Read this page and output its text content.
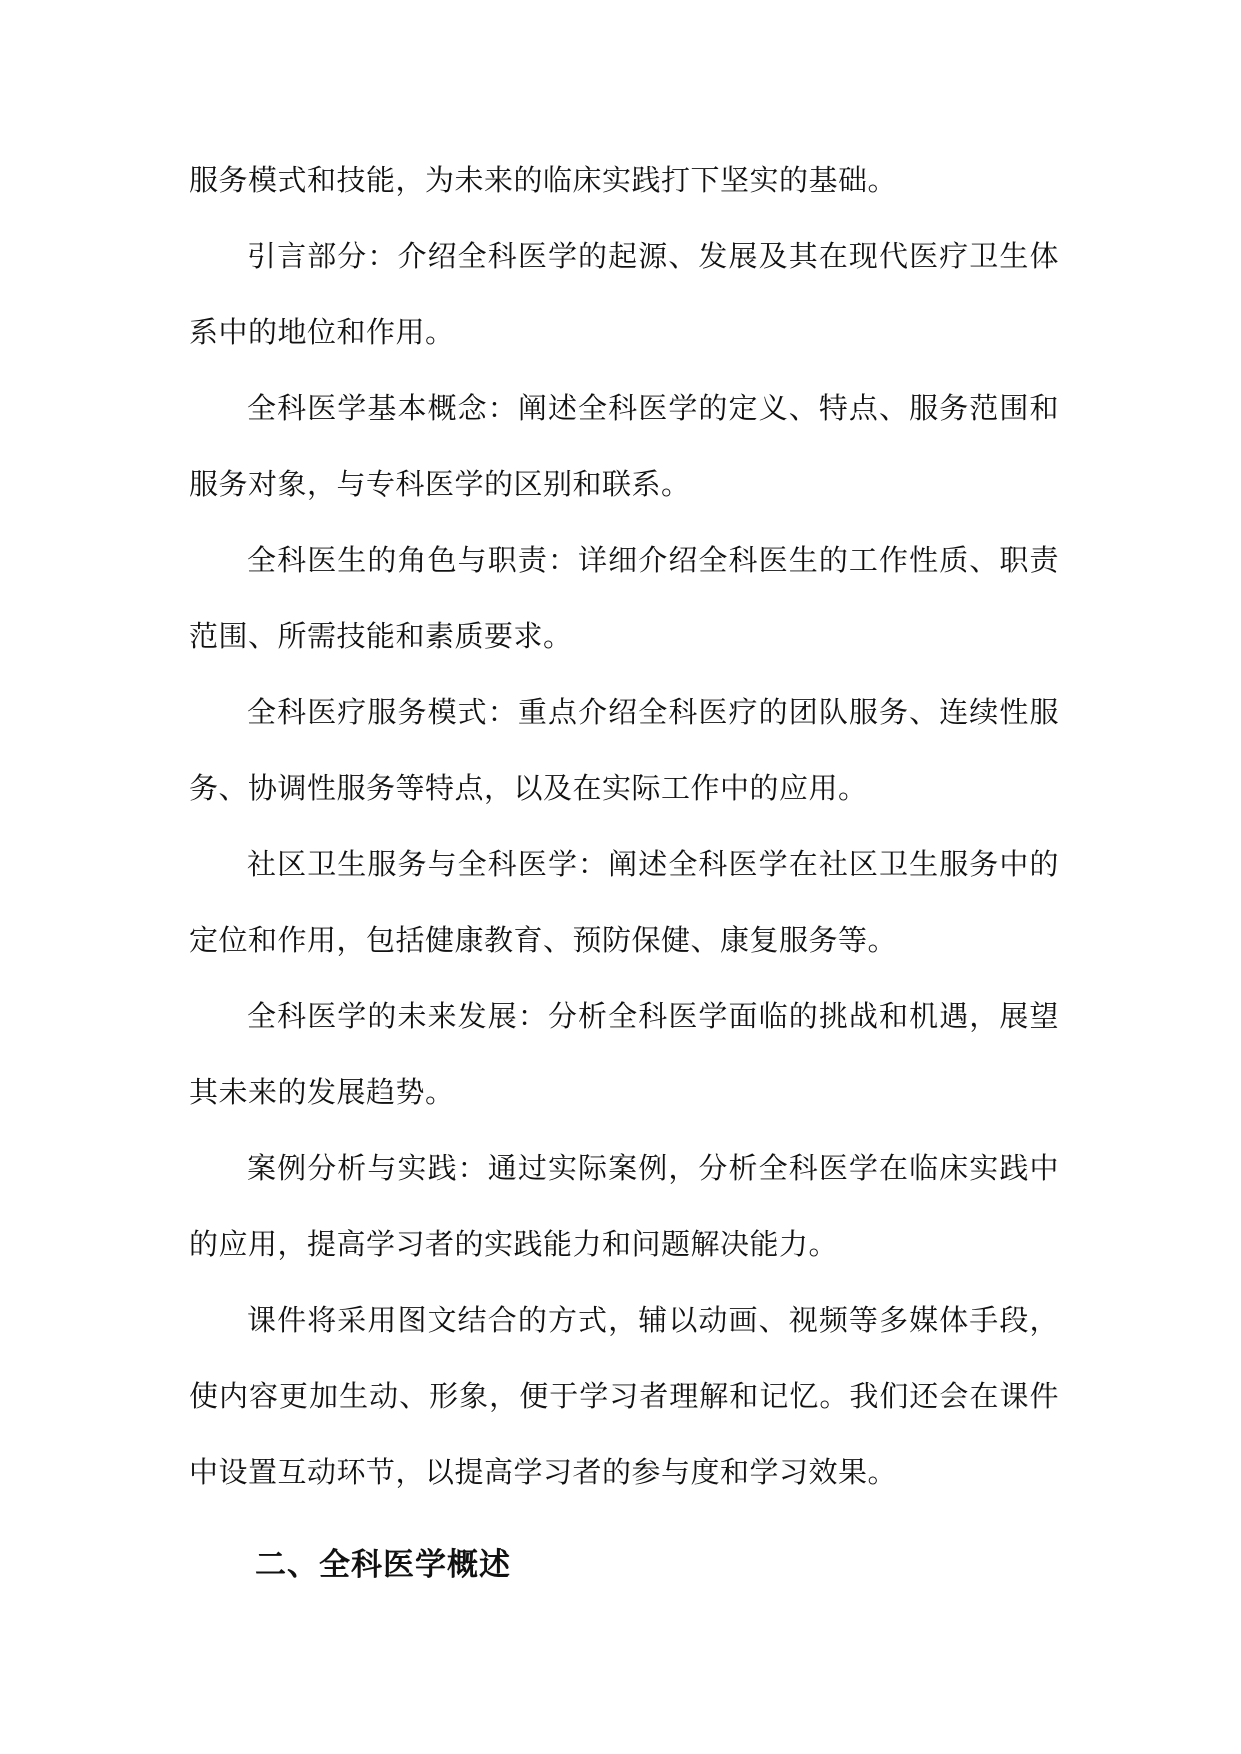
服务模式和技能，为未来的临床实践打下坚实的基础。

引言部分：介绍全科医学的起源、发展及其在现代医疗卫生体系中的地位和作用。

全科医学基本概念：阐述全科医学的定义、特点、服务范围和服务对象，与专科医学的区别和联系。

全科医生的角色与职责：详细介绍全科医生的工作性质、职责范围、所需技能和素质要求。

全科医疗服务模式：重点介绍全科医疗的团队服务、连续性服务、协调性服务等特点，以及在实际工作中的应用。

社区卫生服务与全科医学：阐述全科医学在社区卫生服务中的定位和作用，包括健康教育、预防保健、康复服务等。

全科医学的未来发展：分析全科医学面临的挑战和机遇，展望其未来的发展趋势。

案例分析与实践：通过实际案例，分析全科医学在临床实践中的应用，提高学习者的实践能力和问题解决能力。

课件将采用图文结合的方式，辅以动画、视频等多媒体手段，使内容更加生动、形象，便于学习者理解和记忆。我们还会在课件中设置互动环节，以提高学习者的参与度和学习效果。

二、全科医学概述
